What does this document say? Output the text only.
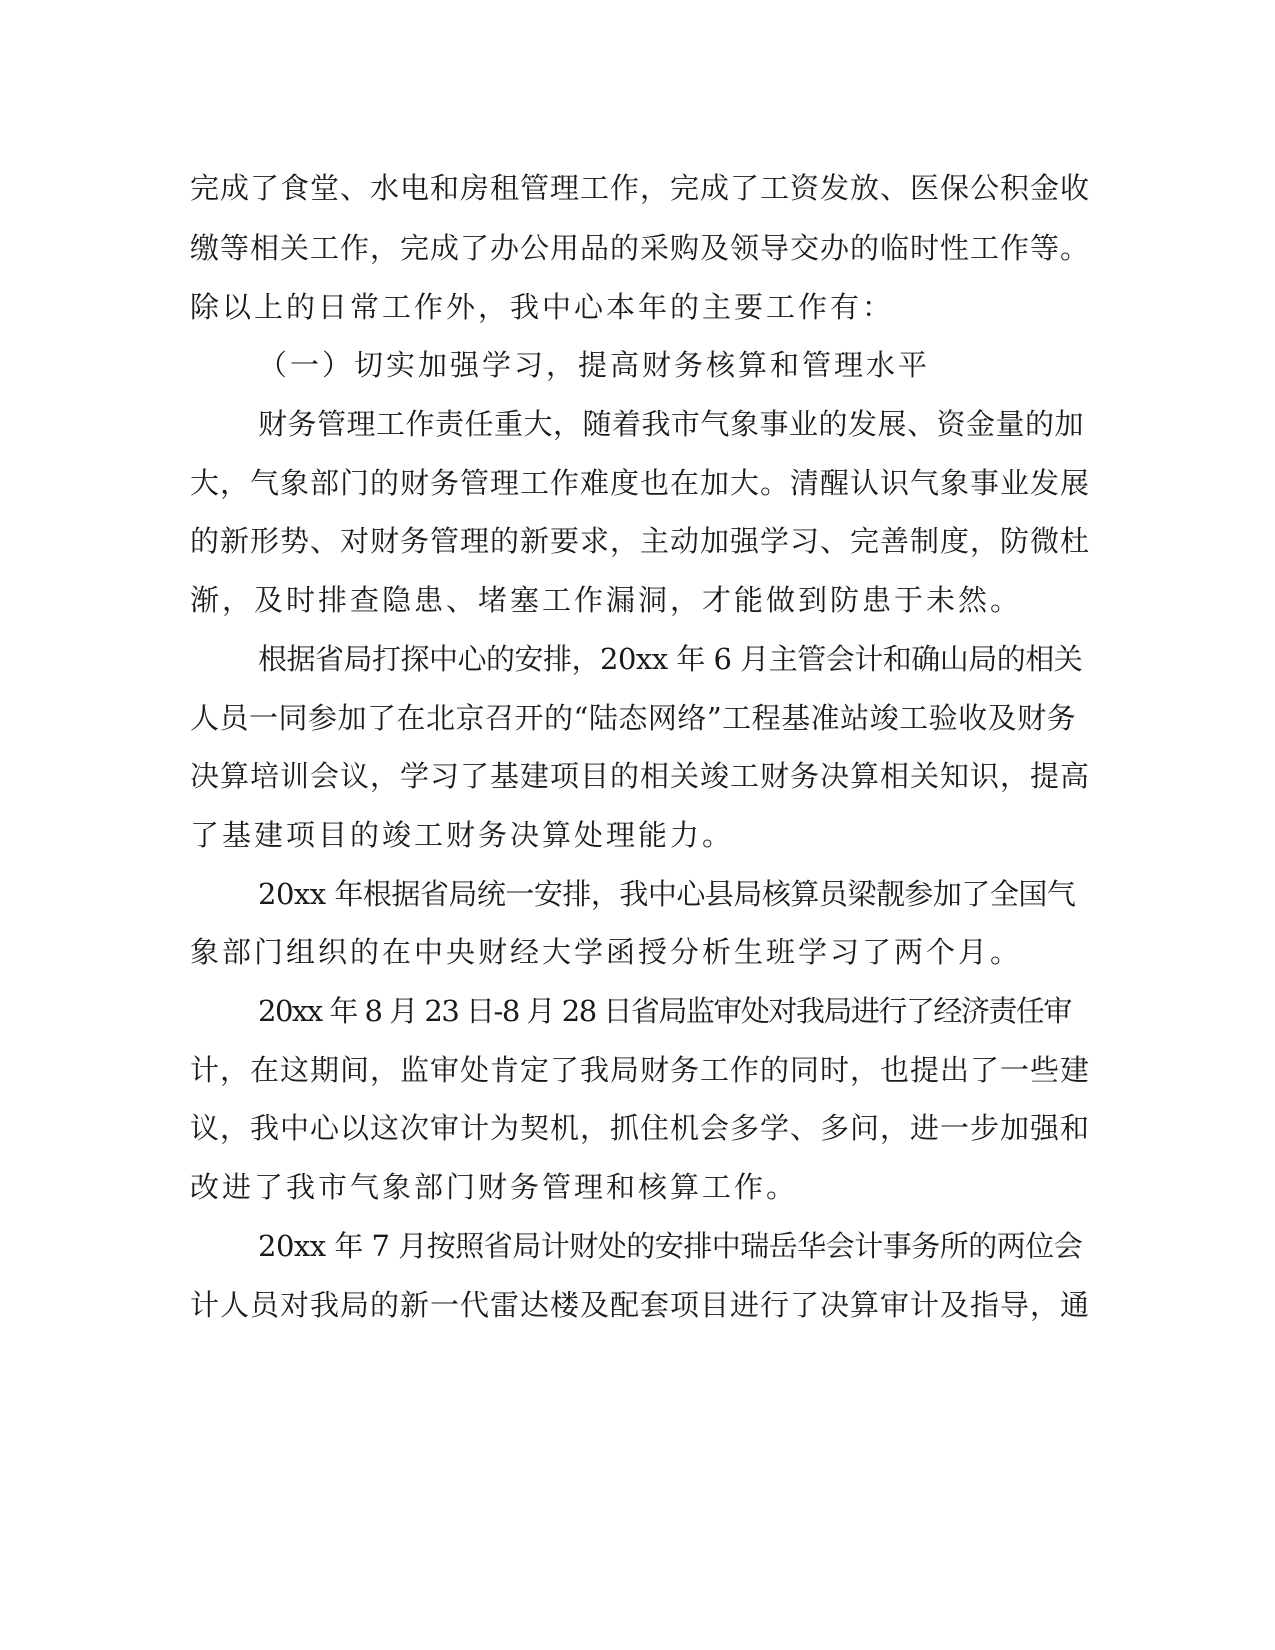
完成了食堂、水电和房租管理工作，完成了工资发放、医保公积金收
缴等相关工作，完成了办公用品的采购及领导交办的临时性工作等。
除以上的日常工作外，我中心本年的主要工作有：
（一）切实加强学习，提高财务核算和管理水平
财务管理工作责任重大，随着我市气象事业的发展、资金量的加
大，气象部门的财务管理工作难度也在加大。清醒认识气象事业发展
的新形势、对财务管理的新要求，主动加强学习、完善制度，防微杜
渐，及时排查隐患、堵塞工作漏洞，才能做到防患于未然。
根据省局打探中心的安排，20xx 年 6 月主管会计和确山局的相关
人员一同参加了在北京召开的“陆态网络”工程基准站竣工验收及财务
决算培训会议，学习了基建项目的相关竣工财务决算相关知识，提高
了基建项目的竣工财务决算处理能力。
20xx 年根据省局统一安排，我中心县局核算员梁靓参加了全国气
象部门组织的在中央财经大学函授分析生班学习了两个月。
20xx 年 8 月 23 日-8 月 28 日省局监审处对我局进行了经济责任审
计，在这期间，监审处肯定了我局财务工作的同时，也提出了一些建
议，我中心以这次审计为契机，抓住机会多学、多问，进一步加强和
改进了我市气象部门财务管理和核算工作。
20xx 年 7 月按照省局计财处的安排中瑞岳华会计事务所的两位会
计人员对我局的新一代雷达楼及配套项目进行了决算审计及指导，通
